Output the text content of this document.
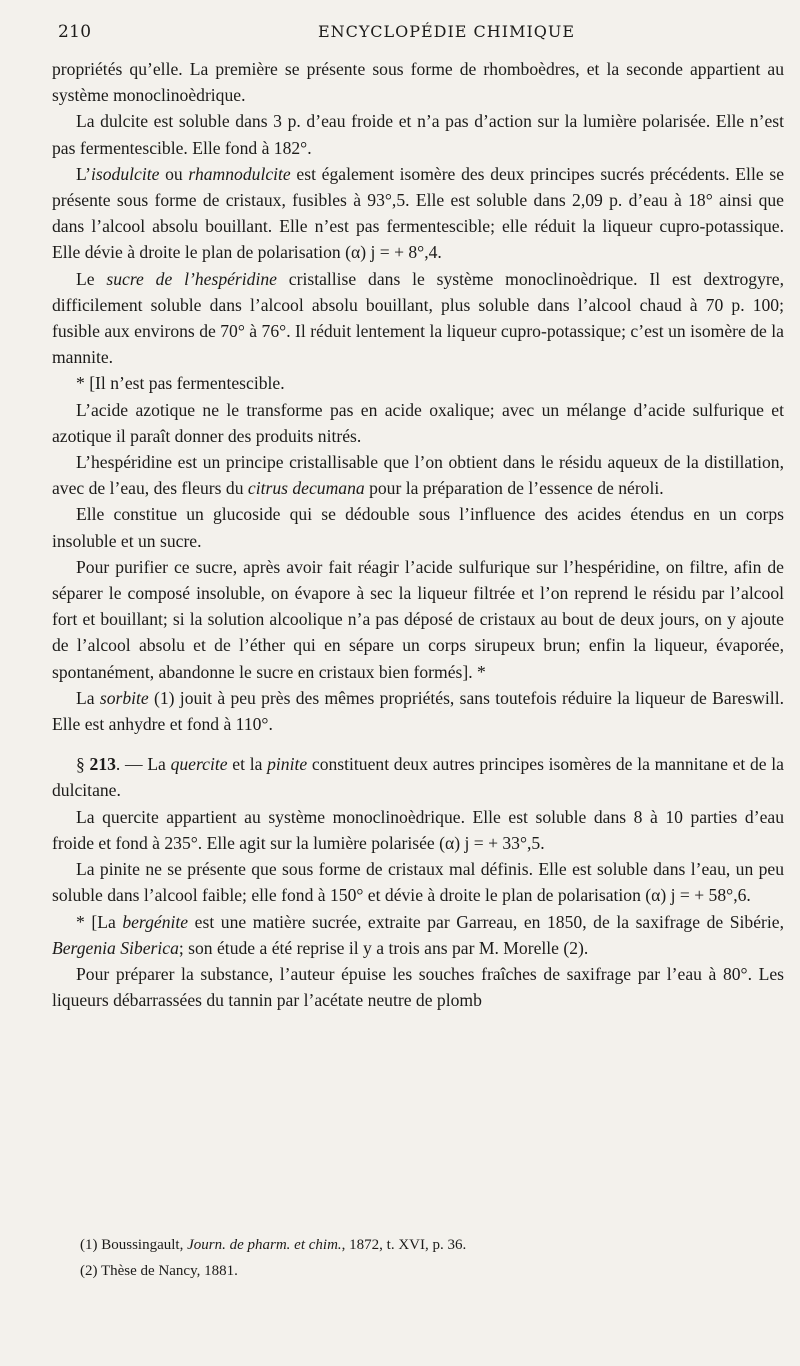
210	ENCYCLOPÉDIE CHIMIQUE

propriétés qu’elle. La première se présente sous forme de rhomboèdres, et la seconde appartient au système monoclinoèdrique.

La dulcite est soluble dans 3 p. d’eau froide et n’a pas d’action sur la lumière polarisée. Elle n’est pas fermentescible. Elle fond à 182°.

L’isodulcite ou rhamnodulcite est également isomère des deux principes sucrés précédents. Elle se présente sous forme de cristaux, fusibles à 93°,5. Elle est soluble dans 2,09 p. d’eau à 18° ainsi que dans l’alcool absolu bouillant. Elle n’est pas fermentescible; elle réduit la liqueur cupro-potassique. Elle dévie à droite le plan de polarisation (α) j = + 8°,4.

Le sucre de l’hespéridine cristallise dans le système monoclinoèdrique. Il est dextrogyre, difficilement soluble dans l’alcool absolu bouillant, plus soluble dans l’alcool chaud à 70 p. 100; fusible aux environs de 70° à 76°. Il réduit lentement la liqueur cupro-potassique; c’est un isomère de la mannite.

* [Il n’est pas fermentescible.

L’acide azotique ne le transforme pas en acide oxalique; avec un mélange d’acide sulfurique et azotique il paraît donner des produits nitrés.

L’hespéridine est un principe cristallisable que l’on obtient dans le résidu aqueux de la distillation, avec de l’eau, des fleurs du citrus decumana pour la préparation de l’essence de néroli.

Elle constitue un glucoside qui se dédouble sous l’influence des acides étendus en un corps insoluble et un sucre.

Pour purifier ce sucre, après avoir fait réagir l’acide sulfurique sur l’hespéridine, on filtre, afin de séparer le composé insoluble, on évapore à sec la liqueur filtrée et l’on reprend le résidu par l’alcool fort et bouillant; si la solution alcoolique n’a pas déposé de cristaux au bout de deux jours, on y ajoute de l’alcool absolu et de l’éther qui en sépare un corps sirupeux brun; enfin la liqueur, évaporée, spontanément, abandonne le sucre en cristaux bien formés]. *

La sorbite (1) jouit à peu près des mêmes propriétés, sans toutefois réduire la liqueur de Bareswill. Elle est anhydre et fond à 110°.

§ 213. — La quercite et la pinite constituent deux autres principes isomères de la mannitane et de la dulcitane.

La quercite appartient au système monoclinoèdrique. Elle est soluble dans 8 à 10 parties d’eau froide et fond à 235°. Elle agit sur la lumière polarisée (α) j = + 33°,5.

La pinite ne se présente que sous forme de cristaux mal définis. Elle est soluble dans l’eau, un peu soluble dans l’alcool faible; elle fond à 150° et dévie à droite le plan de polarisation (α) j = + 58°,6.

* [La bergénite est une matière sucrée, extraite par Garreau, en 1850, de la saxifrage de Sibérie, Bergenia Siberica; son étude a été reprise il y a trois ans par M. Morelle (2).

Pour préparer la substance, l’auteur épuise les souches fraîches de saxifrage par l’eau à 80°. Les liqueurs débarrassées du tannin par l’acétate neutre de plomb

(1) Boussingault, Journ. de pharm. et chim., 1872, t. XVI, p. 36.
(2) Thèse de Nancy, 1881.
